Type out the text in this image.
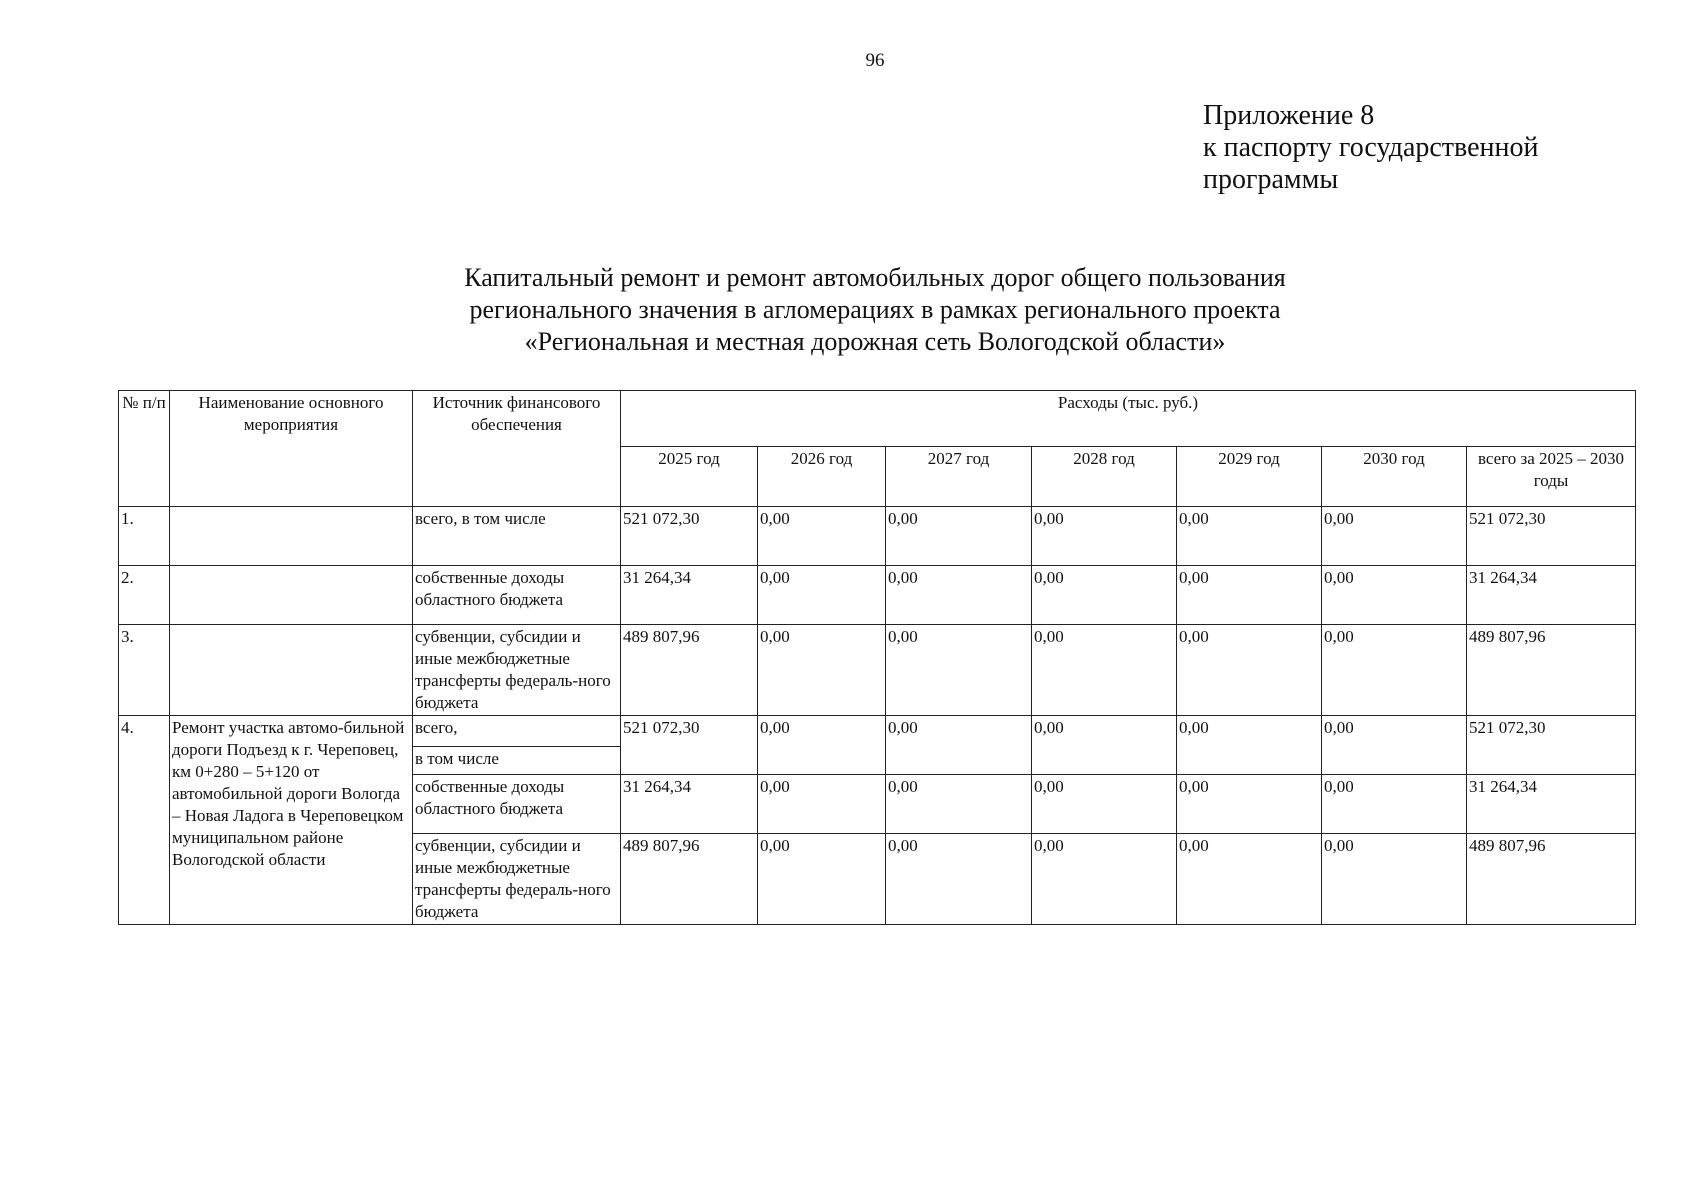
96
Приложение 8
к паспорту государственной
программы
Капитальный ремонт и ремонт автомобильных дорог общего пользования
регионального значения в агломерациях в рамках регионального проекта
«Региональная и местная дорожная сеть Вологодской области»
№ п/п	Наименование основного мероприятия	Источник финансового обеспечения	Расходы (тыс. руб.)						
			2025 год	2026 год	2027 год	2028 год	2029 год	2030 год	всего за 2025 – 2030 годы
1.		всего, в том числе	521 072,30	0,00	0,00	0,00	0,00	0,00	521 072,30
2.		собственные доходы областного бюджета	31 264,34	0,00	0,00	0,00	0,00	0,00	31 264,34
3.		субвенции, субсидии и иные межбюджетные трансферты федераль-ного бюджета	489 807,96	0,00	0,00	0,00	0,00	0,00	489 807,96
4.	Ремонт участка автомо-бильной дороги Подъезд к г. Череповец, км 0+280 – 5+120 от автомобильной дороги Вологда – Новая Ладога в Череповецком муниципальном районе Вологодской области	всего,	521 072,30	0,00	0,00	0,00	0,00	0,00	521 072,30
		в том числе							
		собственные доходы областного бюджета	31 264,34	0,00	0,00	0,00	0,00	0,00	31 264,34
		субвенции, субсидии и иные межбюджетные трансферты федераль-ного бюджета	489 807,96	0,00	0,00	0,00	0,00	0,00	489 807,96
